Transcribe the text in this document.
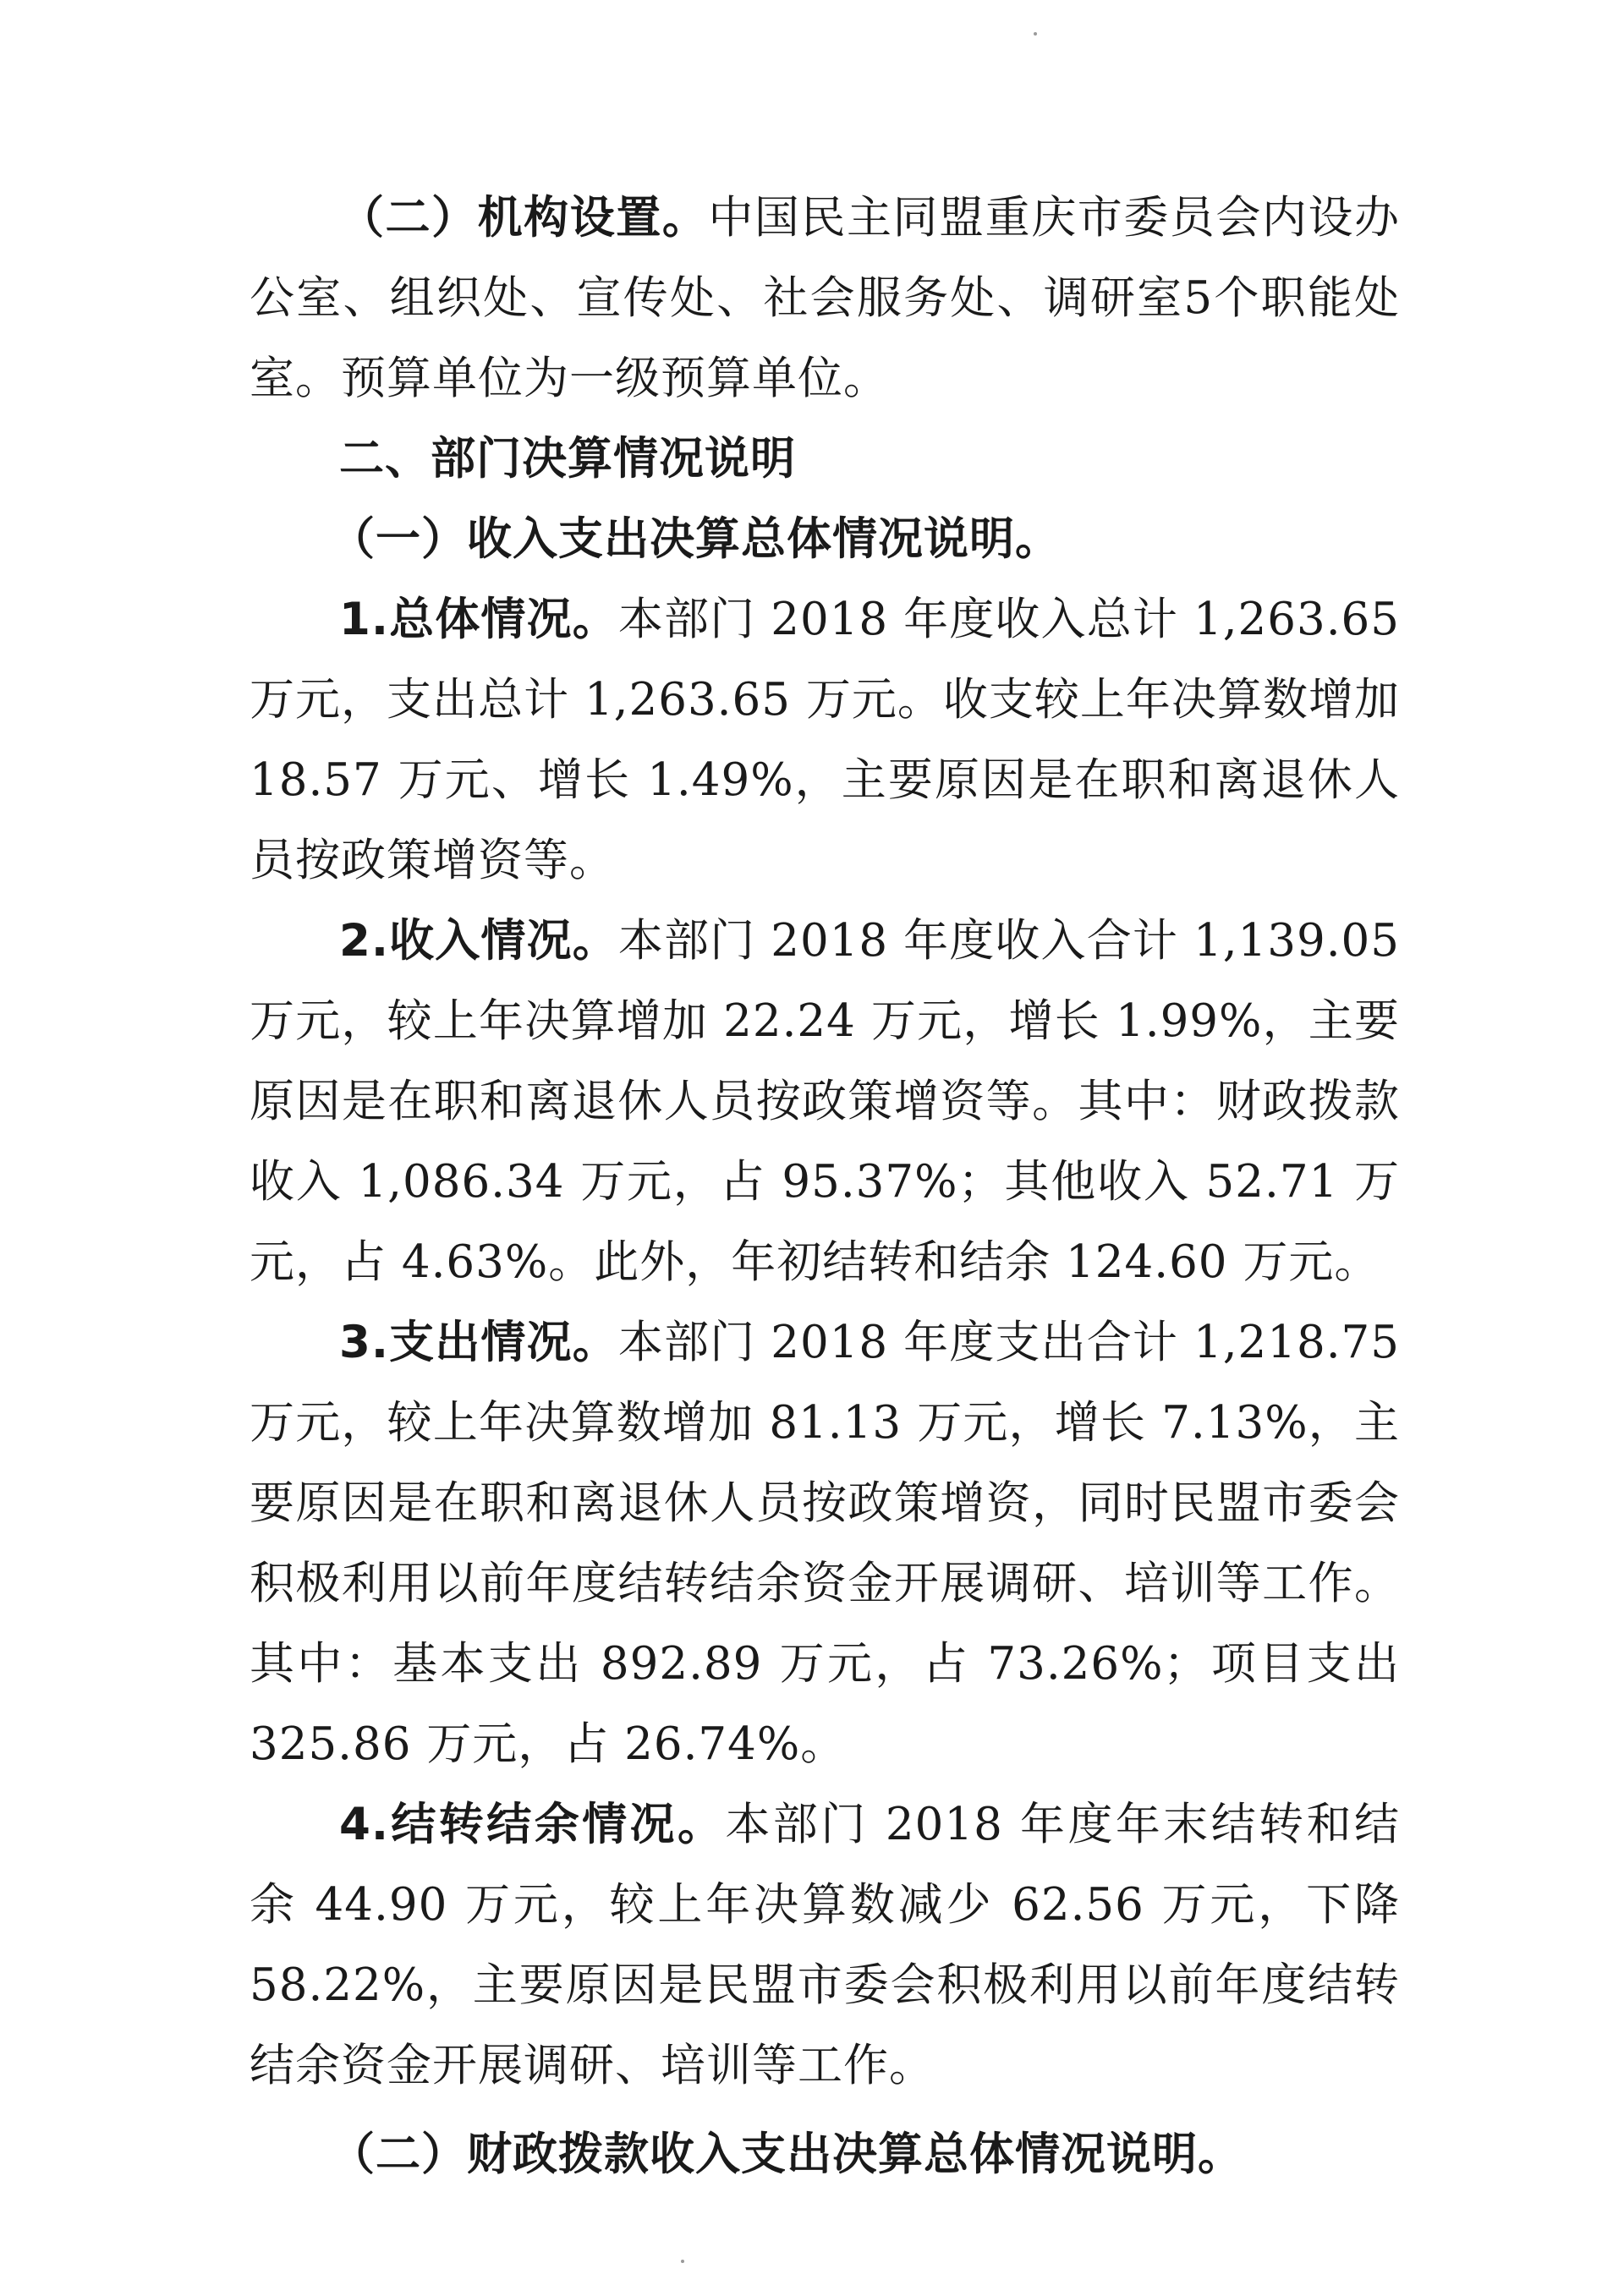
（二）机构设置。中国民主同盟重庆市委员会内设办公室、组织处、宣传处、社会服务处、调研室5个职能处室。预算单位为一级预算单位。

二、部门决算情况说明

（一）收入支出决算总体情况说明。

1.总体情况。本部门 2018 年度收入总计 1,263.65 万元，支出总计 1,263.65 万元。收支较上年决算数增加 18.57 万元、增长 1.49%，主要原因是在职和离退休人员按政策增资等。

2.收入情况。本部门 2018 年度收入合计 1,139.05 万元，较上年决算增加 22.24 万元，增长 1.99%，主要原因是在职和离退休人员按政策增资等。其中：财政拨款收入 1,086.34 万元，占 95.37%；其他收入 52.71 万元，占 4.63%。此外，年初结转和结余 124.60 万元。

3.支出情况。本部门 2018 年度支出合计 1,218.75 万元，较上年决算数增加 81.13 万元，增长 7.13%，主要原因是在职和离退休人员按政策增资，同时民盟市委会积极利用以前年度结转结余资金开展调研、培训等工作。其中：基本支出 892.89 万元，占 73.26%；项目支出 325.86 万元，占 26.74%。

4.结转结余情况。本部门 2018 年度年末结转和结余 44.90 万元，较上年决算数减少 62.56 万元，下降 58.22%，主要原因是民盟市委会积极利用以前年度结转结余资金开展调研、培训等工作。

（二）财政拨款收入支出决算总体情况说明。
